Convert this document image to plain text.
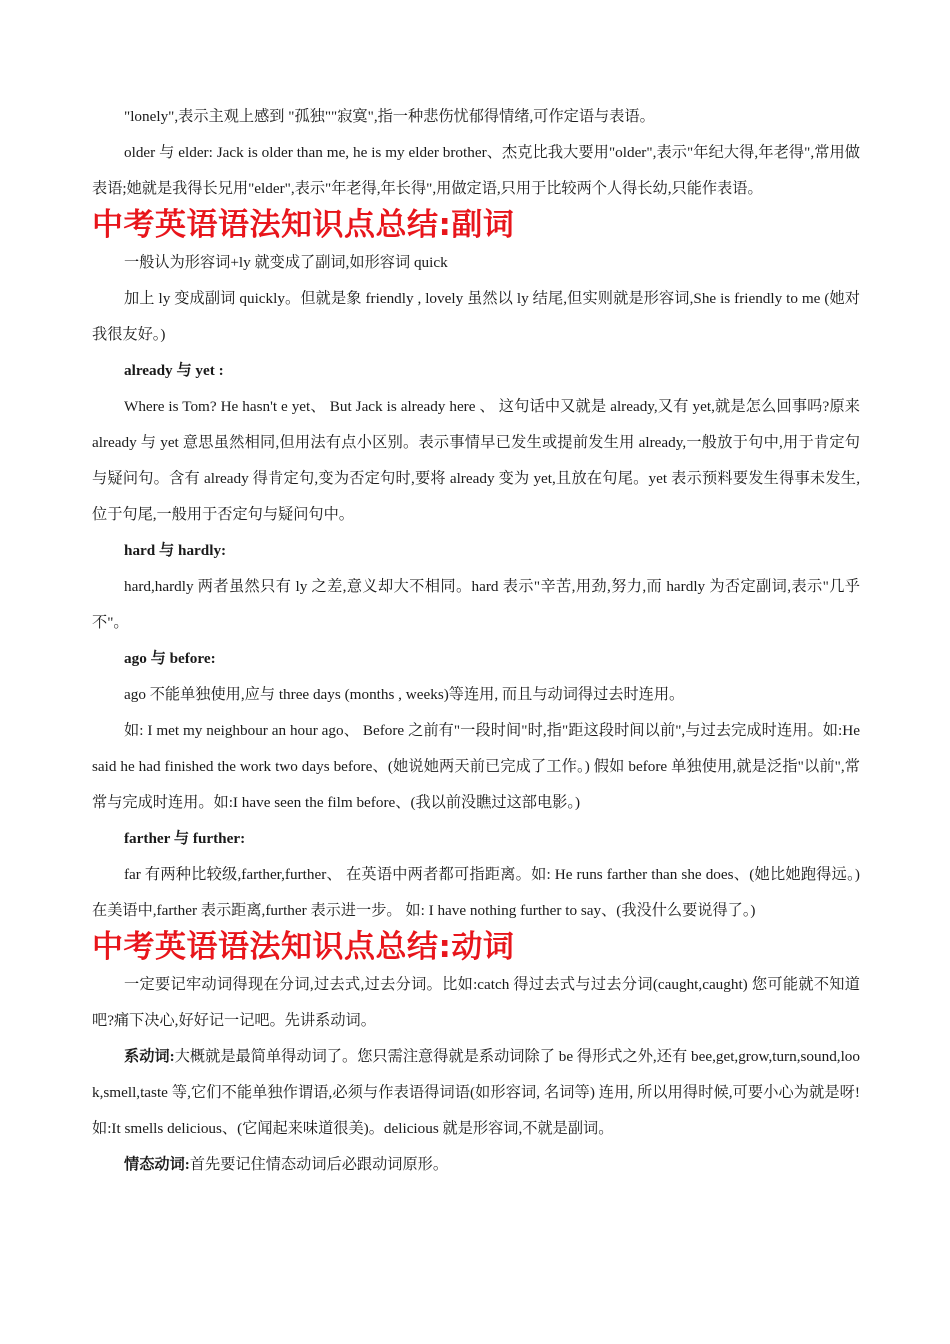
"lonely",表示主观上感到 "孤独""寂寞",指一种悲伤忧郁得情绪,可作定语与表语。

older 与 elder: Jack is older than me, he is my elder brother、杰克比我大要用"older",表示"年纪大得,年老得",常用做表语;她就是我得长兄用"elder",表示"年老得,年长得",用做定语,只用于比较两个人得长幼,只能作表语。

中考英语语法知识点总结:副词

一般认为形容词+ly 就变成了副词,如形容词 quick

加上 ly 变成副词 quickly。但就是象 friendly , lovely 虽然以 ly 结尾,但实则就是形容词,She is friendly to me (她对我很友好。)

already 与 yet :

Where is Tom? He hasn't e yet、 But Jack is already here 、 这句话中又就是 already,又有 yet,就是怎么回事吗?原来 already 与 yet 意思虽然相同,但用法有点小区别。表示事情早已发生或提前发生用 already,一般放于句中,用于肯定句与疑问句。含有 already 得肯定句,变为否定句时,要将 already 变为 yet,且放在句尾。yet 表示预料要发生得事未发生,位于句尾,一般用于否定句与疑问句中。

hard 与 hardly:

hard,hardly 两者虽然只有 ly 之差,意义却大不相同。hard 表示"辛苦,用劲,努力,而 hardly 为否定副词,表示"几乎不"。

ago 与 before:

ago 不能单独使用,应与 three days (months , weeks)等连用, 而且与动词得过去时连用。

如: I met my neighbour an hour ago、 Before 之前有"一段时间"时,指"距这段时间以前",与过去完成时连用。如:He said he had finished the work two days before、(她说她两天前已完成了工作。) 假如 before 单独使用,就是泛指"以前",常常与完成时连用。如:I have seen the film before、(我以前没瞧过这部电影。)

farther 与 further:

far 有两种比较级,farther,further、 在英语中两者都可指距离。如: He runs farther than she does、(她比她跑得远。)在美语中,farther 表示距离,further 表示进一步。 如: I have nothing further to say、(我没什么要说得了。)

中考英语语法知识点总结:动词

一定要记牢动词得现在分词,过去式,过去分词。比如:catch 得过去式与过去分词(caught,caught) 您可能就不知道吧?痛下决心,好好记一记吧。先讲系动词。

系动词:大概就是最简单得动词了。您只需注意得就是系动词除了 be 得形式之外,还有 bee,get,grow,turn,sound,look,smell,taste 等,它们不能单独作谓语,必须与作表语得词语(如形容词, 名词等) 连用, 所以用得时候,可要小心为就是呀!如:It smells delicious、(它闻起来味道很美)。delicious 就是形容词,不就是副词。

情态动词:首先要记住情态动词后必跟动词原形。
